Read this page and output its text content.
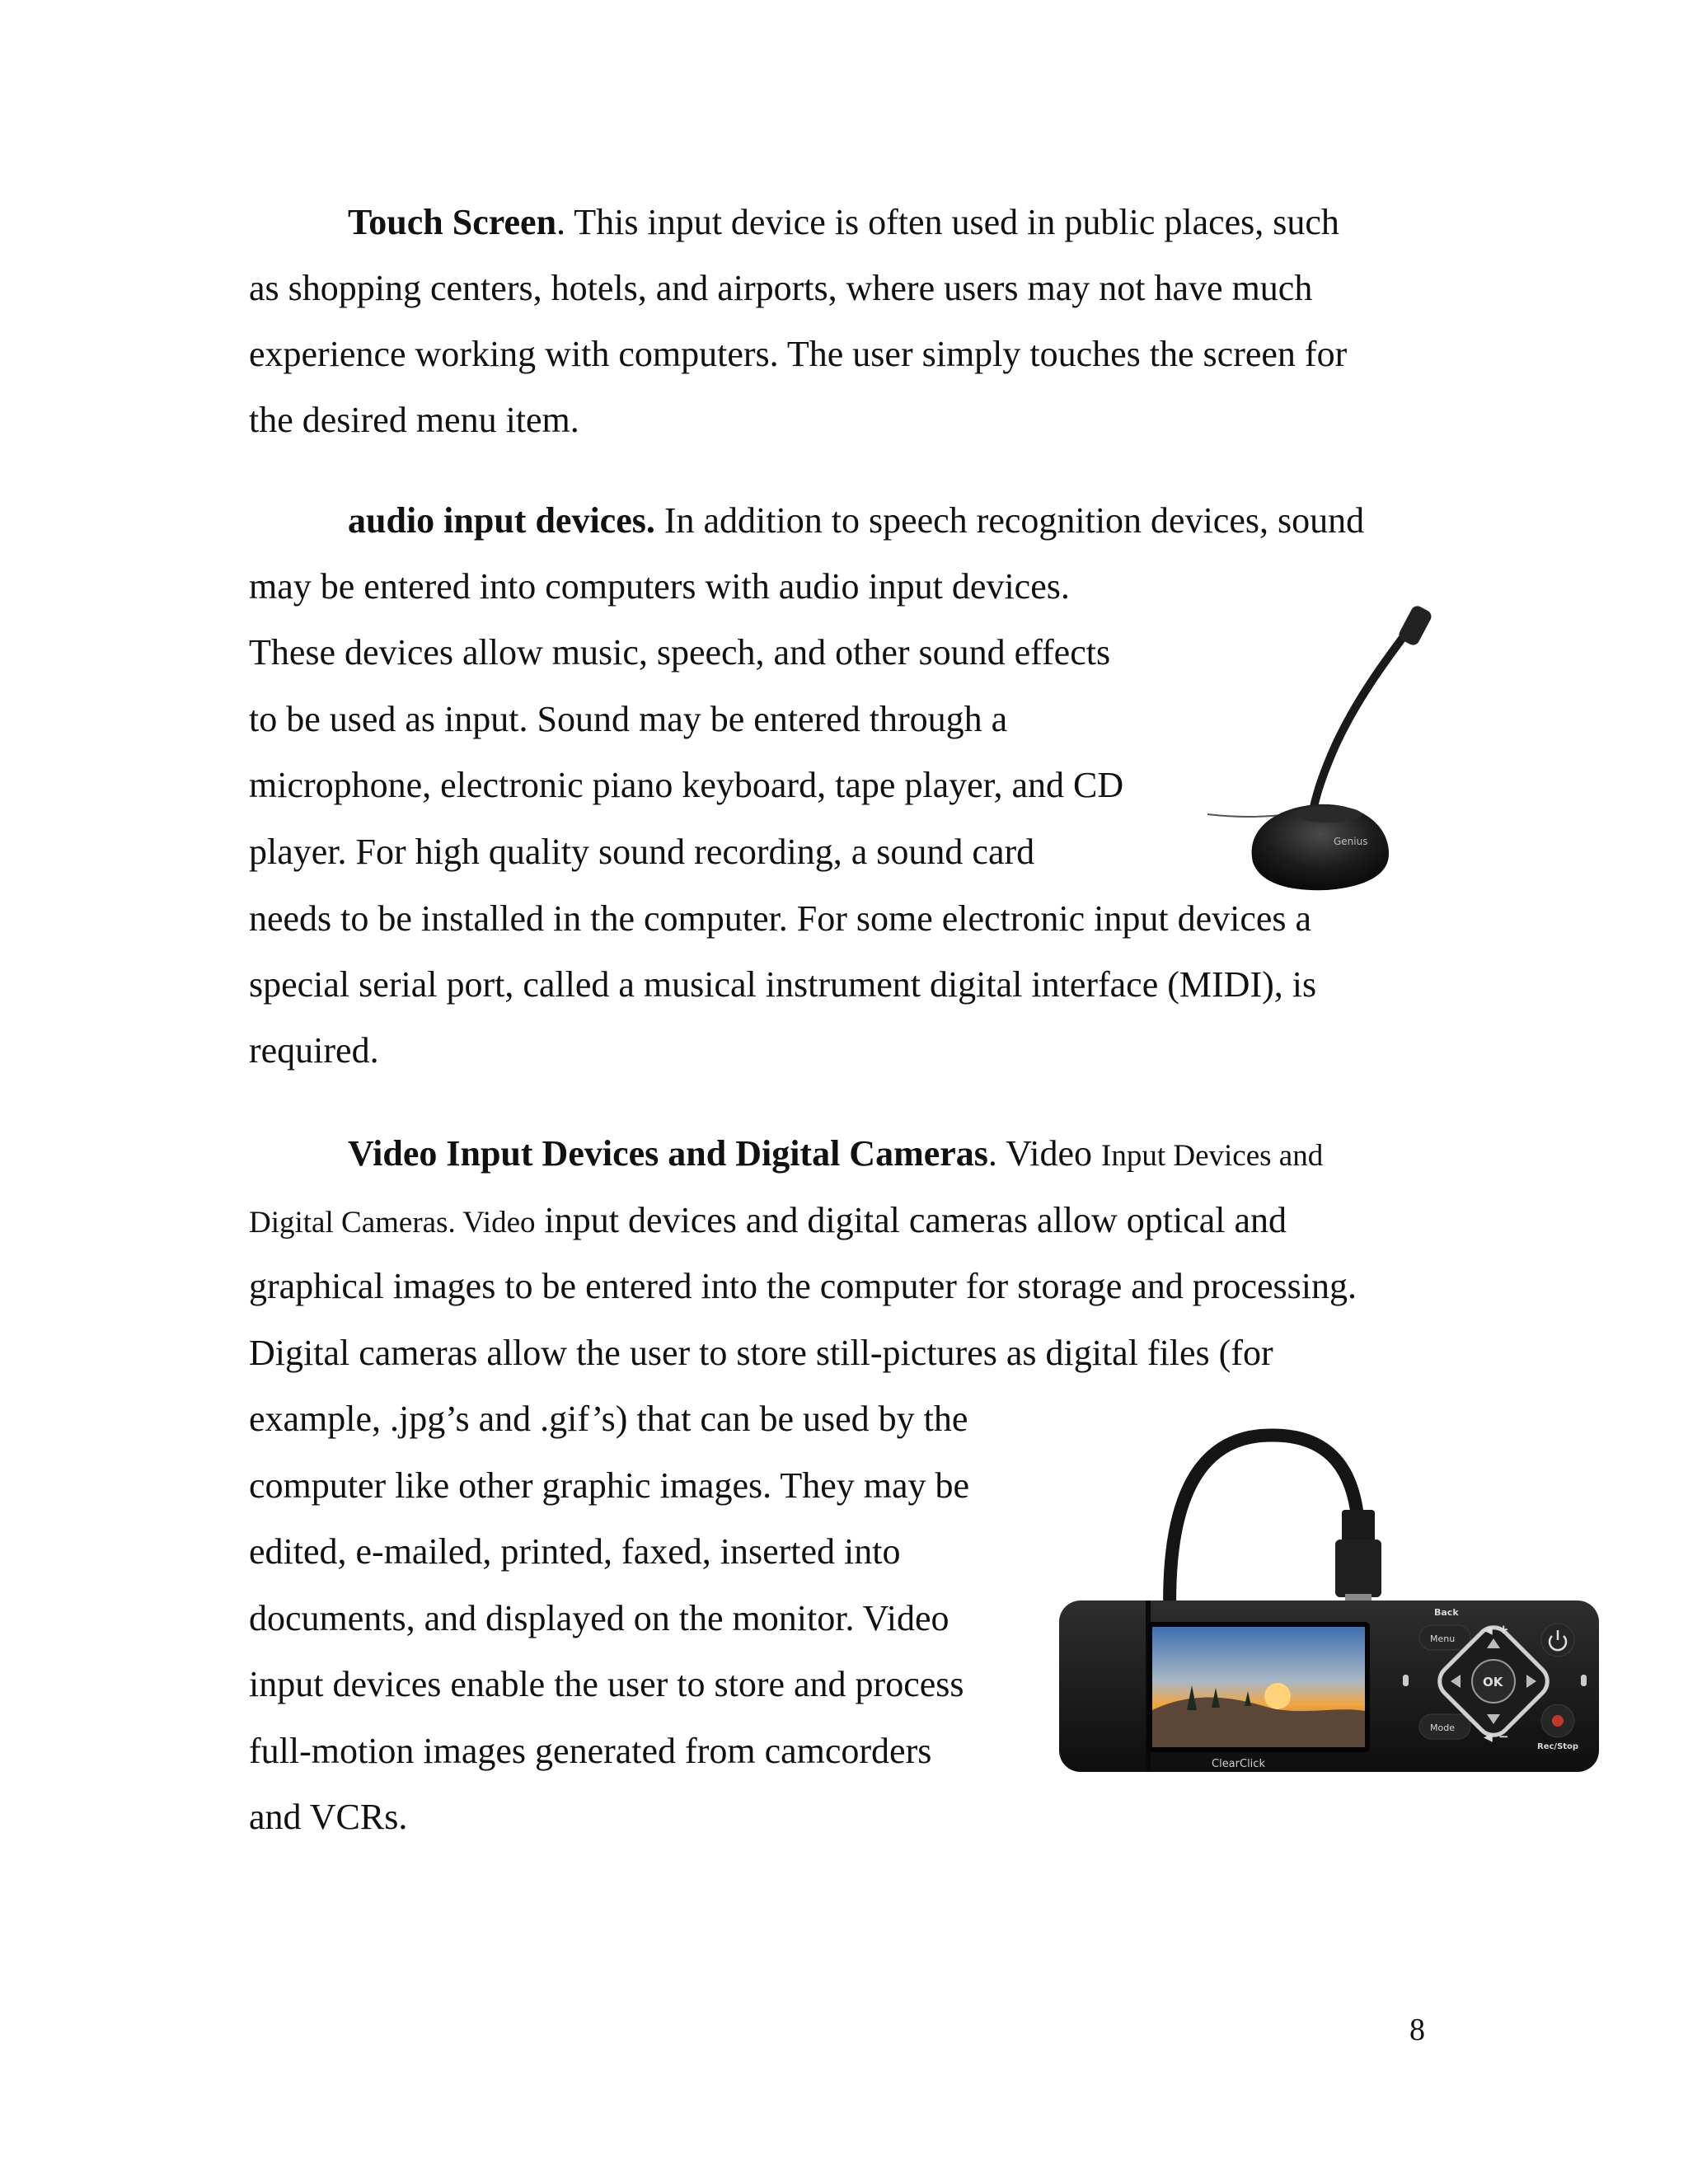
Touch Screen. This input device is often used in public places, such

as shopping centers, hotels, and airports, where users may not have much

experience working with computers. The user simply touches the screen for

the desired menu item.

audio input devices. In addition to speech recognition devices, sound

may be entered into computers with audio input devices.

These devices allow music, speech, and other sound effects

to be used as input. Sound may be entered through a

microphone, electronic piano keyboard, tape player, and CD

player. For high quality sound recording, a sound card

needs to be installed in the computer. For some electronic input devices a

special serial port, called a musical instrument digital interface (MIDI), is

required.

Genius

Video Input Devices and Digital Cameras. Video Input Devices and

Digital Cameras. Video input devices and digital cameras allow optical and

graphical images to be entered into the computer for storage and processing.

Digital cameras allow the user to store still-pictures as digital files (for

example, .jpg’s and .gif’s) that can be used by the

computer like other graphic images. They may be

edited, e-mailed, printed, faxed, inserted into

documents, and displayed on the monitor. Video

input devices enable the user to store and process

full-motion images generated from camcorders

and VCRs.

ClearClick
Back
Menu
Mode
OK
◀ +
◀ −
Rec/Stop
8
